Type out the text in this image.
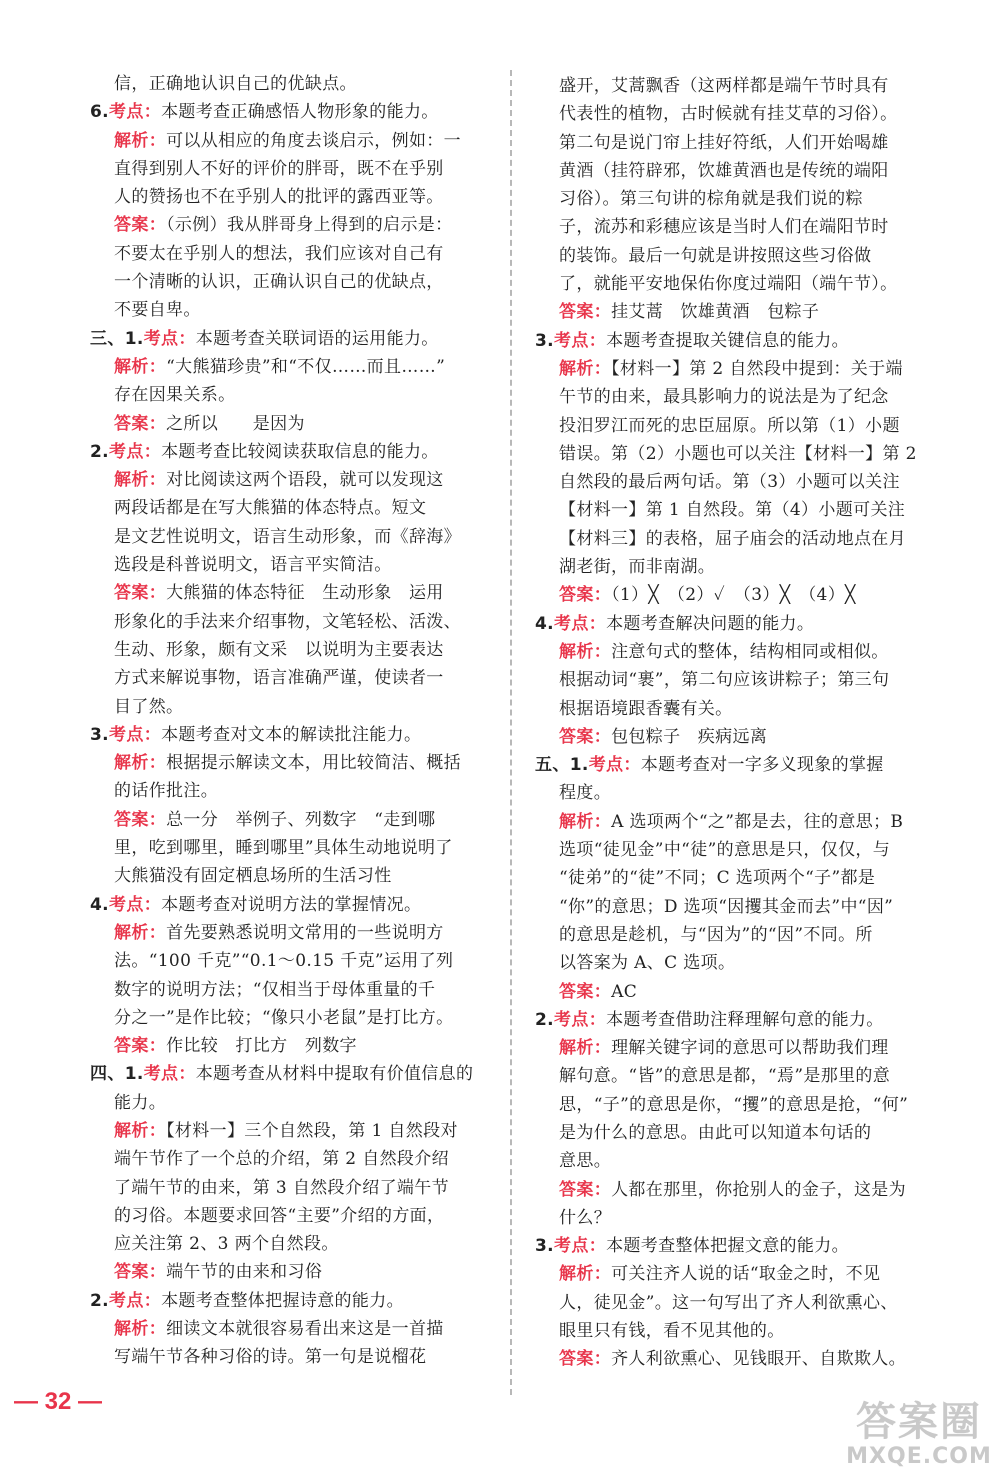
信，正确地认识自己的优缺点。
6.考点：本题考查正确感悟人物形象的能力。
解析：可以从相应的角度去谈启示，例如：一
直得到别人不好的评价的胖哥，既不在乎别
人的赞扬也不在乎别人的批评的露西亚等。
答案：（示例）我从胖哥身上得到的启示是：
不要太在乎别人的想法，我们应该对自己有
一个清晰的认识，正确认识自己的优缺点，
不要自卑。
三、1.考点：本题考查关联词语的运用能力。
解析：“大熊猫珍贵”和“不仅……而且……”
存在因果关系。
答案：之所以　　是因为
2.考点：本题考查比较阅读获取信息的能力。
解析：对比阅读这两个语段，就可以发现这
两段话都是在写大熊猫的体态特点。短文
是文艺性说明文，语言生动形象，而《辞海》
选段是科普说明文，语言平实简洁。
答案：大熊猫的体态特征　生动形象　运用
形象化的手法来介绍事物，文笔轻松、活泼、
生动、形象，颇有文采　以说明为主要表达
方式来解说事物，语言准确严谨，使读者一
目了然。
3.考点：本题考查对文本的解读批注能力。
解析：根据提示解读文本，用比较简洁、概括
的话作批注。
答案：总一分　举例子、列数字　“走到哪
里，吃到哪里，睡到哪里”具体生动地说明了
大熊猫没有固定栖息场所的生活习性
4.考点：本题考查对说明方法的掌握情况。
解析：首先要熟悉说明文常用的一些说明方
法。“100 千克”“0.1～0.15 千克”运用了列
数字的说明方法；“仅相当于母体重量的千
分之一”是作比较；“像只小老鼠”是打比方。
答案：作比较　打比方　列数字
四、1.考点：本题考查从材料中提取有价值信息的
能力。
解析：【材料一】三个自然段，第 1 自然段对
端午节作了一个总的介绍，第 2 自然段介绍
了端午节的由来，第 3 自然段介绍了端午节
的习俗。本题要求回答“主要”介绍的方面，
应关注第 2、3 两个自然段。
答案：端午节的由来和习俗
2.考点：本题考查整体把握诗意的能力。
解析：细读文本就很容易看出来这是一首描
写端午节各种习俗的诗。第一句是说榴花
盛开，艾蒿飘香（这两样都是端午节时具有
代表性的植物，古时候就有挂艾草的习俗）。
第二句是说门帘上挂好符纸，人们开始喝雄
黄酒（挂符辟邪，饮雄黄酒也是传统的端阳
习俗）。第三句讲的棕角就是我们说的粽
子，流苏和彩穗应该是当时人们在端阳节时
的装饰。最后一句就是讲按照这些习俗做
了，就能平安地保佑你度过端阳（端午节）。
答案：挂艾蒿　饮雄黄酒　包粽子
3.考点：本题考查提取关键信息的能力。
解析：【材料一】第 2 自然段中提到：关于端
午节的由来，最具影响力的说法是为了纪念
投汨罗江而死的忠臣屈原。所以第（1）小题
错误。第（2）小题也可以关注【材料一】第 2
自然段的最后两句话。第（3）小题可以关注
【材料一】第 1 自然段。第（4）小题可关注
【材料三】的表格，屈子庙会的活动地点在月
湖老街，而非南湖。
答案：（1）╳　（2）✓　（3）╳　（4）╳
4.考点：本题考查解决问题的能力。
解析：注意句式的整体，结构相同或相似。
根据动词“裹”，第二句应该讲粽子；第三句
根据语境跟香囊有关。
答案：包包粽子　疾病远离
五、1.考点：本题考查对一字多义现象的掌握
程度。
解析：A 选项两个“之”都是去，往的意思；B
选项“徒见金”中“徒”的意思是只，仅仅，与
“徒弟”的“徒”不同；C 选项两个“子”都是
“你”的意思；D 选项“因攫其金而去”中“因”
的意思是趁机，与“因为”的“因”不同。所
以答案为 A、C 选项。
答案：AC
2.考点：本题考查借助注释理解句意的能力。
解析：理解关键字词的意思可以帮助我们理
解句意。“皆”的意思是都，“焉”是那里的意
思，“子”的意思是你，“攫”的意思是抢，“何”
是为什么的意思。由此可以知道本句话的
意思。
答案：人都在那里，你抢别人的金子，这是为
什么？
3.考点：本题考查整体把握文意的能力。
解析：可关注齐人说的话“取金之时，不见
人，徒见金”。这一句写出了齐人利欲熏心、
眼里只有钱，看不见其他的。
答案：齐人利欲熏心、见钱眼开、自欺欺人。
— 32 —	答案圈
MXQE.COM
